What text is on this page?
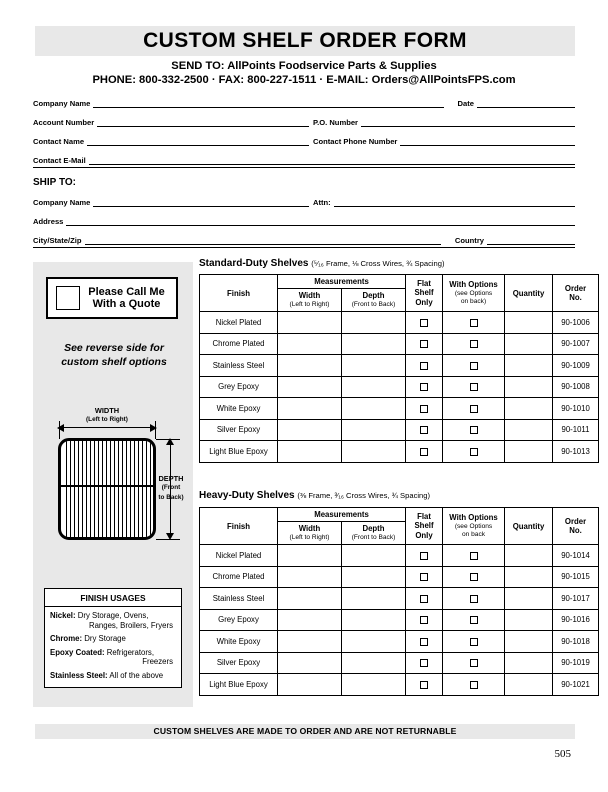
CUSTOM SHELF ORDER FORM
SEND TO: AllPoints Foodservice Parts & Supplies
PHONE: 800-332-2500 · FAX: 800-227-1511 · E-MAIL: Orders@AllPointsFPS.com
Company Name	Date
Account Number	P.O. Number
Contact Name	Contact Phone Number
Contact E-Mail
SHIP TO:
Company Name	Attn:
Address
City/State/Zip	Country
Please Call Me
With a Quote
See reverse side for
custom shelf options
WIDTH
(Left to Right)
DEPTH
(Front
to Back)
FINISH USAGES
Nickel: Dry Storage, Ovens,
Ranges, Broilers, Fryers
Chrome: Dry Storage
Epoxy Coated: Refrigerators,
Freezers
Stainless Steel: All of the above
Standard-Duty Shelves (⁵⁄₁₆ Frame, ⅛ Cross Wires, ¾ Spacing)
Finish	Measurements		Flat
Shelf
Only	With Options
(see Options
on back)	Quantity	Order
No.
	Width
(Left to Right)	Depth
(Front to Back)				

Nickel Plated						90-1006
Chrome Plated						90-1007
Stainless Steel						90-1009
Grey Epoxy						90-1008
White Epoxy						90-1010
Silver Epoxy						90-1011
Light Blue Epoxy						90-1013
Heavy-Duty Shelves (⅜ Frame, ³⁄₁₆ Cross Wires, ¾ Spacing)
Finish	Measurements		Flat
Shelf
Only	With Options
(see Options
on back	Quantity	Order
No.
	Width
(Left to Right)	Depth
(Front to Back)				

Nickel Plated						90-1014
Chrome Plated						90-1015
Stainless Steel						90-1017
Grey Epoxy						90-1016
White Epoxy						90-1018
Silver Epoxy						90-1019
Light Blue Epoxy						90-1021
CUSTOM SHELVES ARE MADE TO ORDER AND ARE NOT RETURNABLE
505
